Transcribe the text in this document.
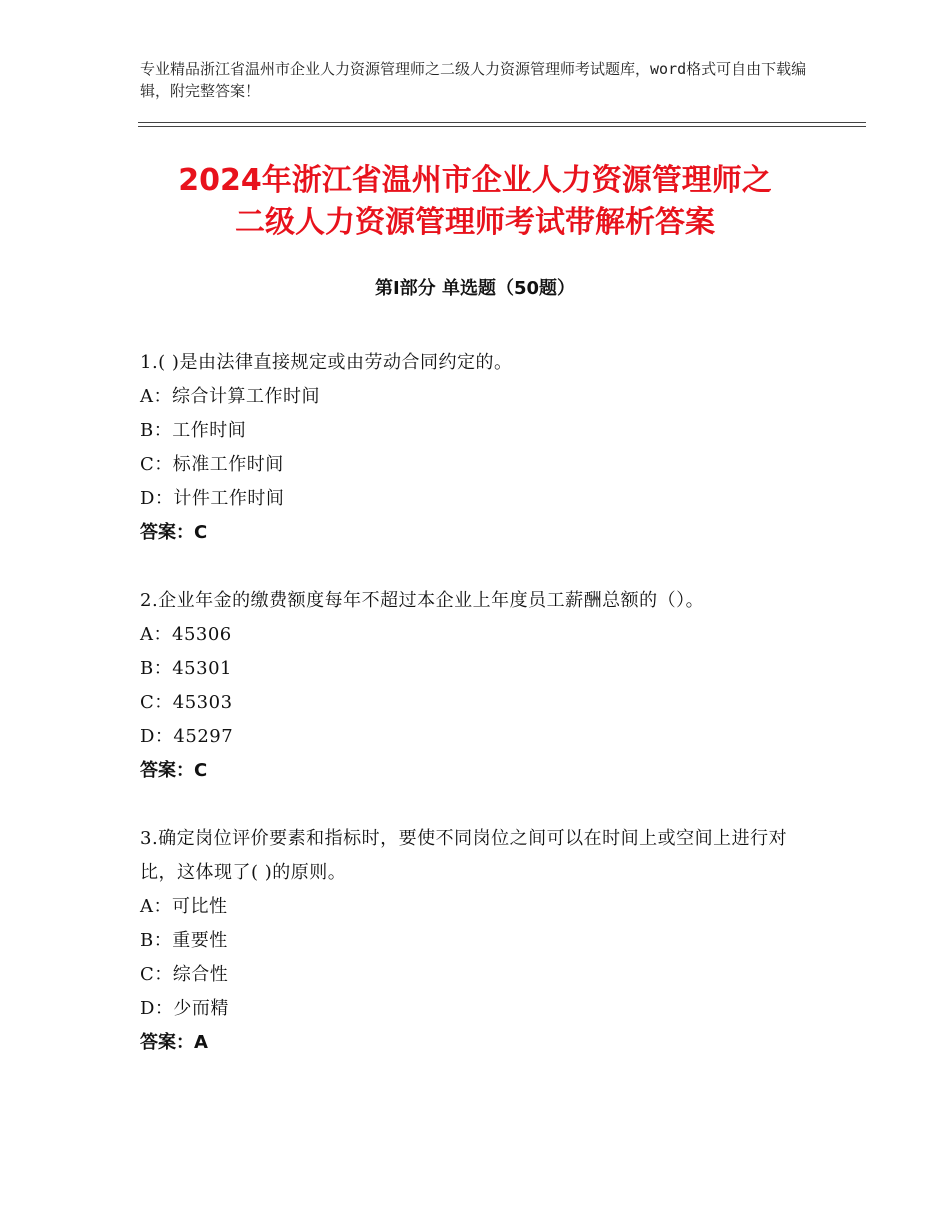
专业精品浙江省温州市企业人力资源管理师之二级人力资源管理师考试题库，word格式可自由下载编辑，附完整答案！
2024年浙江省温州市企业人力资源管理师之
二级人力资源管理师考试带解析答案
第Ⅰ部分 单选题（50题）
1.( )是由法律直接规定或由劳动合同约定的。
A：综合计算工作时间
B：工作时间
C：标准工作时间
D：计件工作时间
答案：C
2.企业年金的缴费额度每年不超过本企业上年度员工薪酬总额的（）。
A：45306
B：45301
C：45303
D：45297
答案：C
3.确定岗位评价要素和指标时，要使不同岗位之间可以在时间上或空间上进行对比，这体现了( )的原则。
A：可比性
B：重要性
C：综合性
D：少而精
答案：A
